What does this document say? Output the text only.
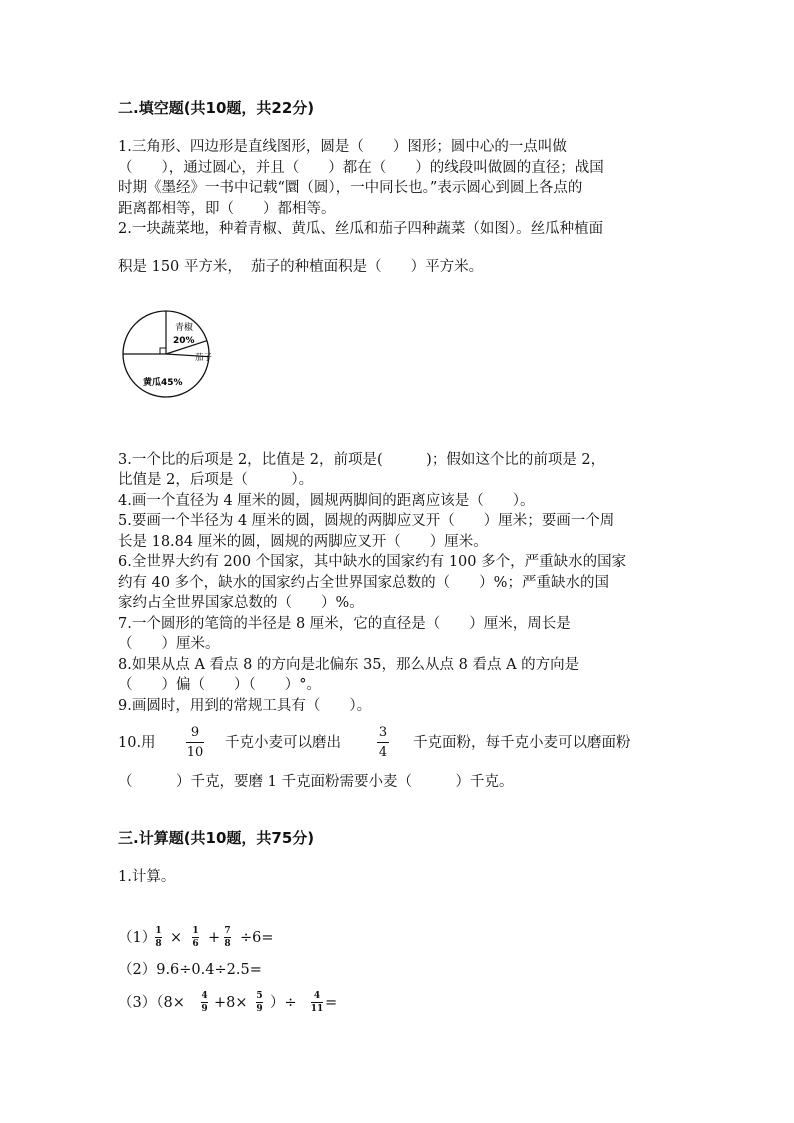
二.填空题(共10题，共22分)
1.三角形、四边形是直线图形，圆是（　　）图形；圆中心的一点叫做
（　　），通过圆心，并且（　　）都在（　　）的线段叫做圆的直径；战国
时期《墨经》一书中记载“圜（圆），一中同长也。”表示圆心到圆上各点的
距离都相等，即（　　）都相等。
2.一块蔬菜地，种着青椒、黄瓜、丝瓜和茄子四种蔬菜（如图）。丝瓜种植面
积是 150 平方米，  茄子的种植面积是（　　）平方米。
青椒
20%
茄子
黄瓜45%
3.一个比的后项是 2，比值是 2，前项是(　　　)；假如这个比的前项是 2，
比值是 2，后项是（　　　）。
4.画一个直径为 4 厘米的圆，圆规两脚间的距离应该是（　　）。
5.要画一个半径为 4 厘米的圆，圆规的两脚应叉开（　　）厘米；要画一个周
长是 18.84 厘米的圆，圆规的两脚应叉开（　　）厘米。
6.全世界大约有 200 个国家，其中缺水的国家约有 100 多个，严重缺水的国家
约有 40 多个，缺水的国家约占全世界国家总数的（　　）%；严重缺水的国
家约占全世界国家总数的（　　）%。
7.一个圆形的笔筒的半径是 8 厘米，它的直径是（　　）厘米，周长是
（　　）厘米。
8.如果从点 A 看点 8 的方向是北偏东 35，那么从点 8 看点 A 的方向是
（　　）偏（　　）（　　）°。
9.画圆时，用到的常规工具有（　　）。
10.用
9
10
千克小麦可以磨出
3
4
千克面粉，每千克小麦可以磨面粉
（　　　）千克，要磨 1 千克面粉需要小麦（　　　）千克。
三.计算题(共10题，共75分)
1.计算。
（1） 1
8 × 1
6 + 7
8 ÷6=
（2）9.6÷0.4÷2.5=
（3）（8× 4
9 +8× 5
9 ）÷ 4
11 =
